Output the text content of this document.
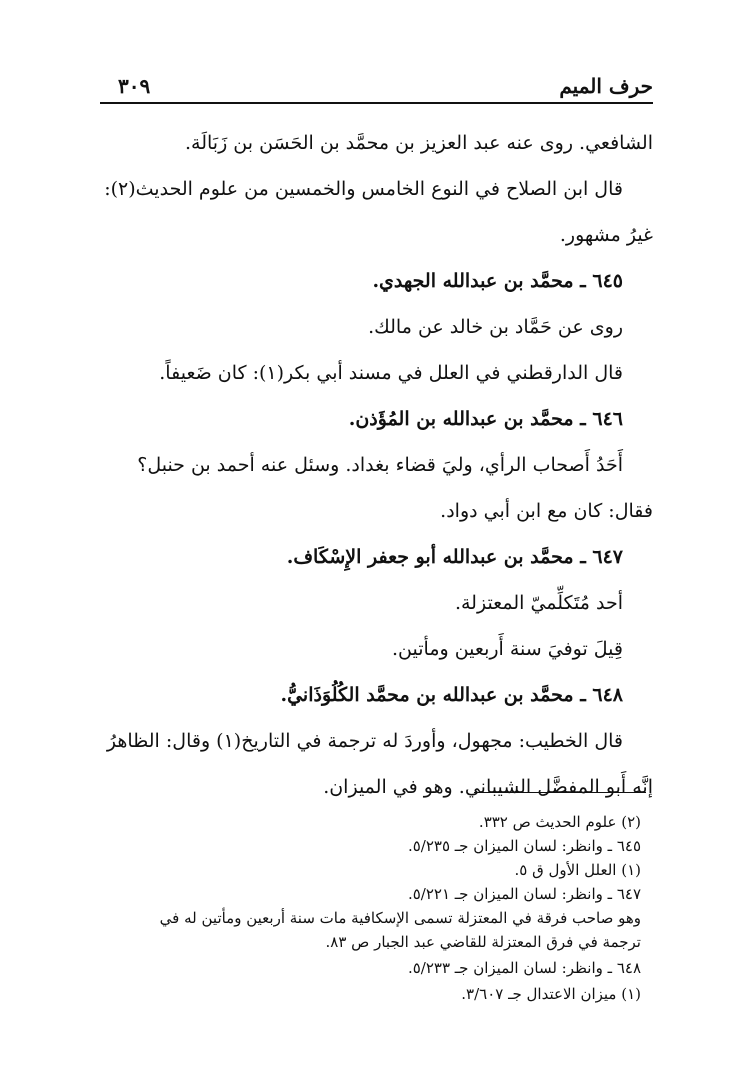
حرف الميم
٣٠٩
الشافعي. روى عنه عبد العزيز بن محمَّد بن الحَسَن بن زَبَالَة.
قال ابن الصلاح في النوع الخامس والخمسين من علوم الحديث(٢):
غيرُ مشهور.
٦٤٥ ـ محمَّد بن عبدالله الجهدي.
روى عن حَمَّاد بن خالد عن مالك.
قال الدارقطني في العلل في مسند أبي بكر(١): كان ضَعيفاً.
٦٤٦ ـ محمَّد بن عبدالله بن المُؤَذن.
أَحَدُ أَصحاب الرأي، وليَ قضاء بغداد. وسئل عنه أحمد بن حنبل؟
فقال: كان مع ابن أبي دواد.
٦٤٧ ـ محمَّد بن عبدالله أبو جعفر الإِسْكَاف.
أحد مُتَكلِّميّ المعتزلة.
قِيلَ توفيَ سنة أَربعين ومأتين.
٦٤٨ ـ محمَّد بن عبدالله بن محمَّد الكُلُوَذَانيُّ.
قال الخطيب: مجهول، وأوردَ له ترجمة في التاريخ(١) وقال: الظاهرُ
إنَّه أَبو المفضَّل الشيباني. وهو في الميزان.
(٢) علوم الحديث ص ٣٣٢.
٦٤٥ ـ وانظر: لسان الميزان جـ ٥/٢٣٥.
(١) العلل الأول ق ٥.
٦٤٧ ـ وانظر: لسان الميزان جـ ٥/٢٢١.
وهو صاحب فرقة في المعتزلة تسمى الإسكافية مات سنة أربعين ومأتين له في
ترجمة في فرق المعتزلة للقاضي عبد الجبار ص ٨٣.
٦٤٨ ـ وانظر: لسان الميزان جـ ٥/٢٣٣.
(١) ميزان الاعتدال جـ ٣/٦٠٧.
